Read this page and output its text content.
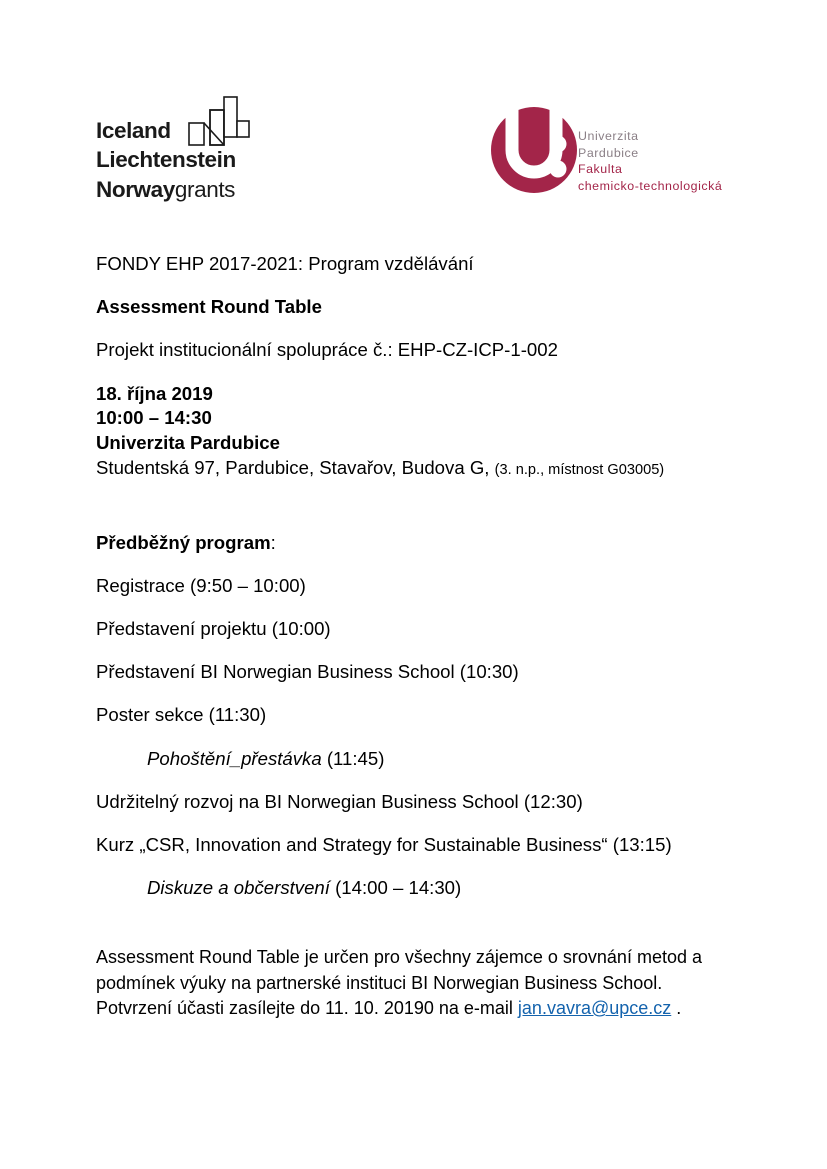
Iceland
Liechtenstein
Norwaygrants
Univerzita
Pardubice
Fakulta
chemicko-technologická

FONDY EHP 2017-2021: Program vzdělávání

Assessment Round Table

Projekt institucionální spolupráce č.: EHP-CZ-ICP-1-002

18. října 2019

10:00 – 14:30

Univerzita Pardubice

Studentská 97, Pardubice, Stavařov, Budova G, (3. n.p., místnost G03005)

Předběžný program:

Registrace (9:50 – 10:00)

Představení projektu (10:00)

Představení BI Norwegian Business School (10:30)

Poster sekce (11:30)

Pohoštění_přestávka (11:45)

Udržitelný rozvoj na BI Norwegian Business School (12:30)

Kurz „CSR, Innovation and Strategy for Sustainable Business“ (13:15)

Diskuze a občerstvení (14:00 – 14:30)

Assessment Round Table je určen pro všechny zájemce o srovnání metod a podmínek výuky na partnerské instituci BI Norwegian Business School. Potvrzení účasti zasílejte do 11. 10. 20190 na e-mail jan.vavra@upce.cz .
